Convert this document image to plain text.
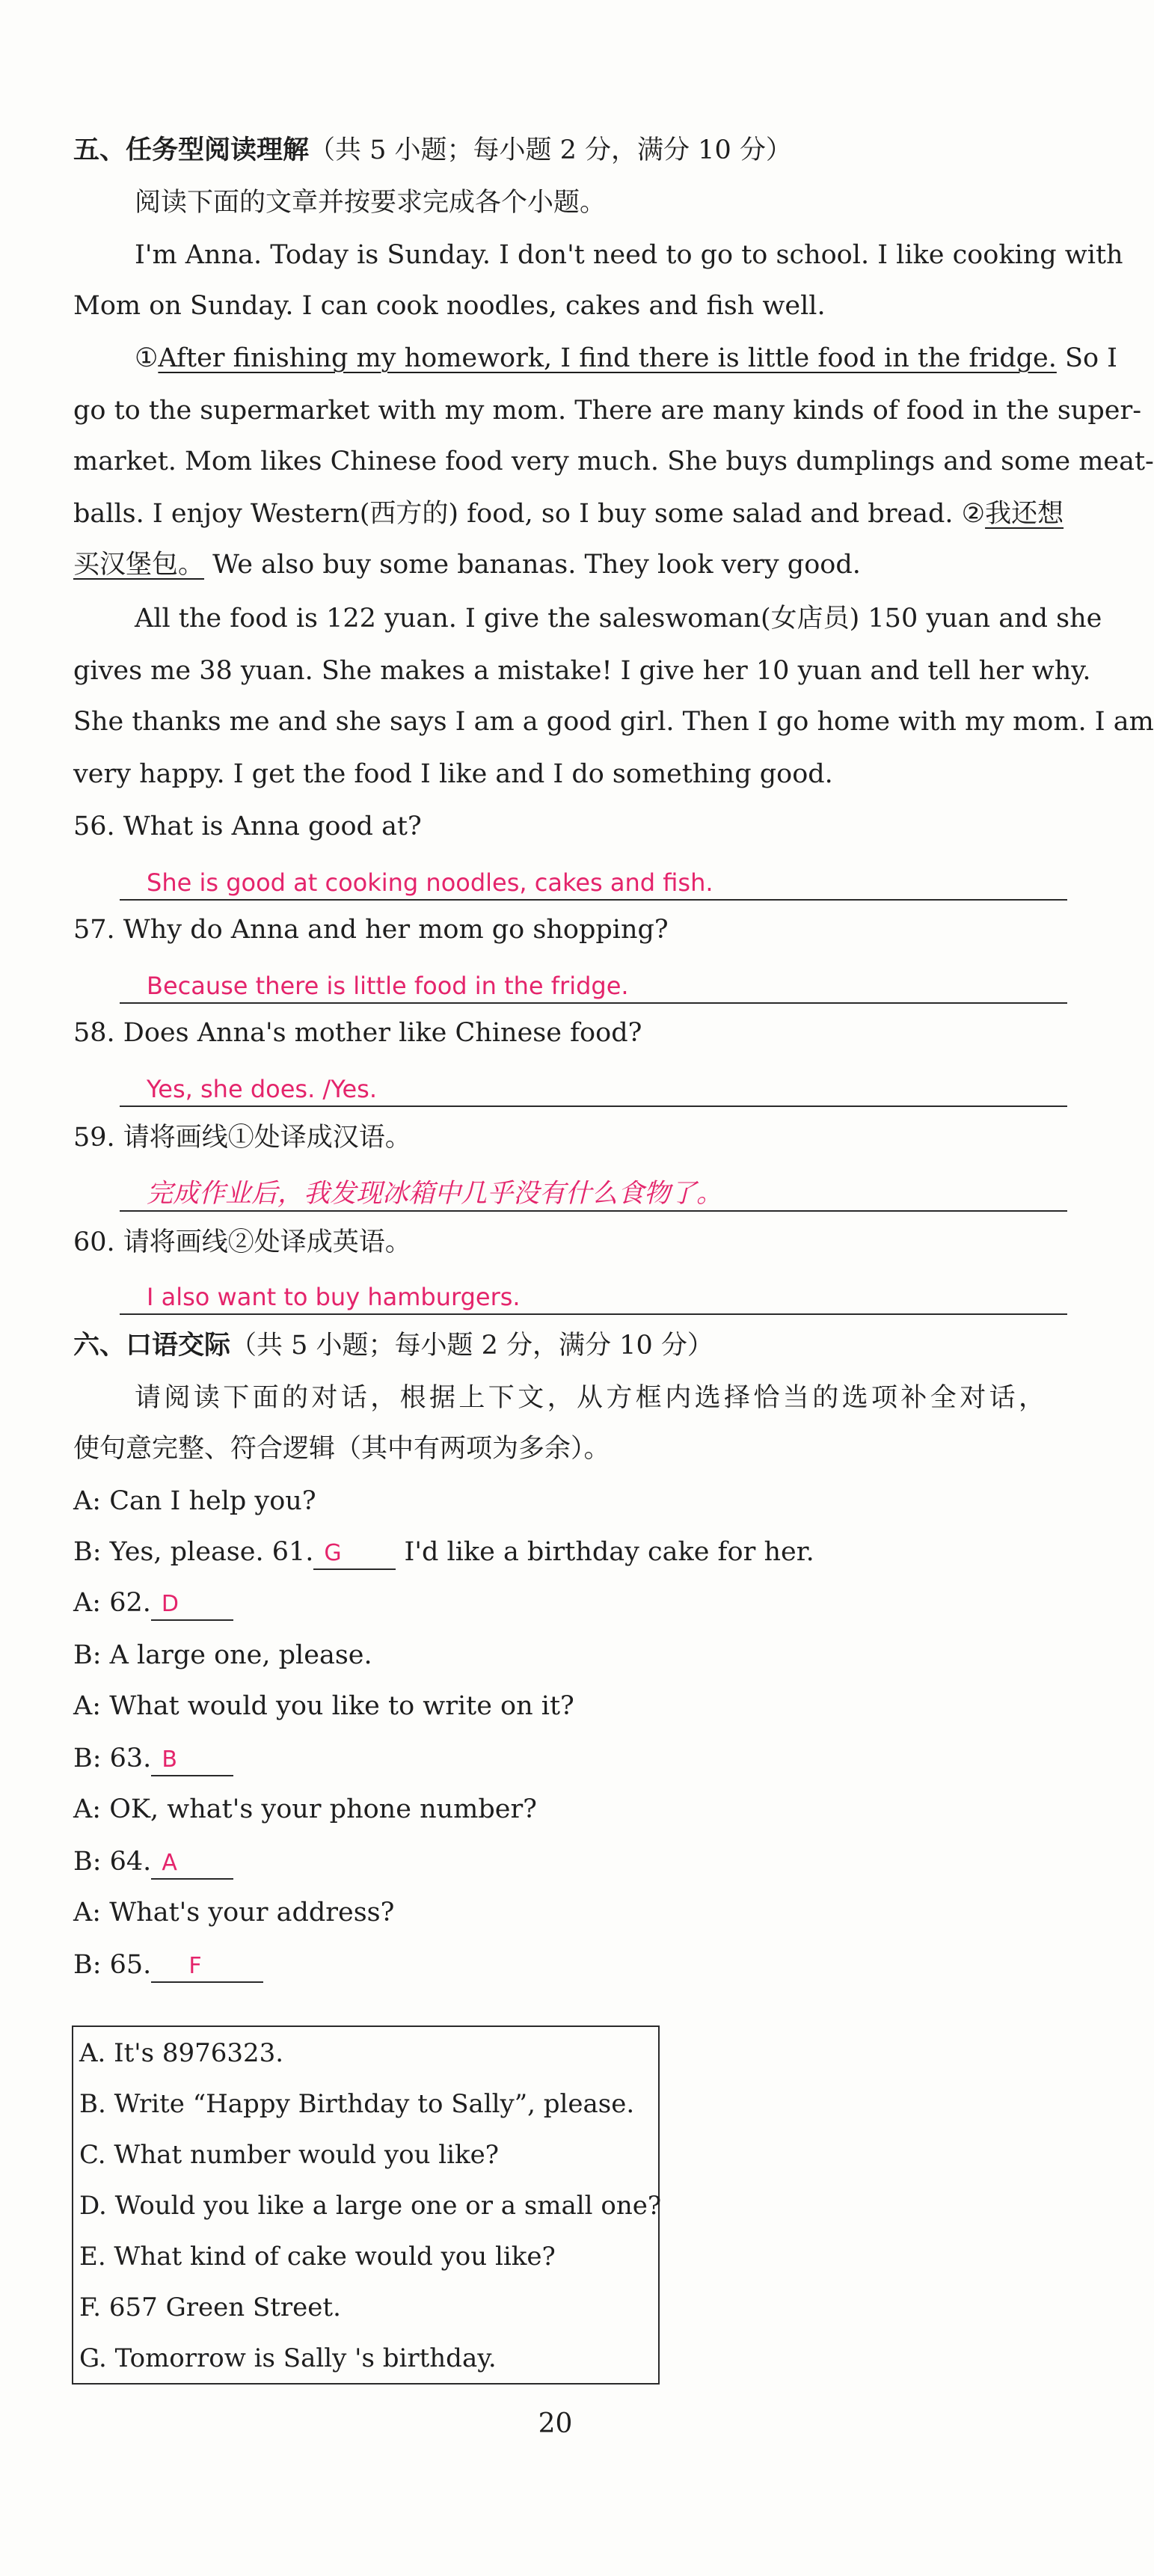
五、任务型阅读理解（共 5 小题；每小题 2 分，满分 10 分）
阅读下面的文章并按要求完成各个小题。
I'm Anna. Today is Sunday. I don't need to go to school. I like cooking with
Mom on Sunday. I can cook noodles, cakes and fish well.
①After finishing my homework, I find there is little food in the fridge. So I
go to the supermarket with my mom. There are many kinds of food in the super-
market. Mom likes Chinese food very much. She buys dumplings and some meat-
balls. I enjoy Western(西方的) food, so I buy some salad and bread. ②我还想
买汉堡包。 We also buy some bananas. They look very good.
All the food is 122 yuan. I give the saleswoman(女店员) 150 yuan and she
gives me 38 yuan. She makes a mistake! I give her 10 yuan and tell her why.
She thanks me and she says I am a good girl. Then I go home with my mom. I am
very happy. I get the food I like and I do something good.
56. What is Anna good at?
She is good at cooking noodles, cakes and fish.
57. Why do Anna and her mom go shopping?
Because there is little food in the fridge.
58. Does Anna's mother like Chinese food?
Yes, she does. /Yes.
59. 请将画线①处译成汉语。
完成作业后，我发现冰箱中几乎没有什么食物了。
60. 请将画线②处译成英语。
I also want to buy hamburgers.
六、口语交际（共 5 小题；每小题 2 分，满分 10 分）
请阅读下面的对话，根据上下文，从方框内选择恰当的选项补全对话，
使句意完整、符合逻辑（其中有两项为多余）。
A: Can I help you?
B: Yes, please. 61. G I'd like a birthday cake for her.
A: 62. D
B: A large one, please.
A: What would you like to write on it?
B: 63. B
A: OK, what's your phone number?
B: 64. A
A: What's your address?
B: 65. F
A. It's 8976323.
B. Write “Happy Birthday to Sally”, please.
C. What number would you like?
D. Would you like a large one or a small one?
E. What kind of cake would you like?
F. 657 Green Street.
G. Tomorrow is Sally 's birthday.
20
